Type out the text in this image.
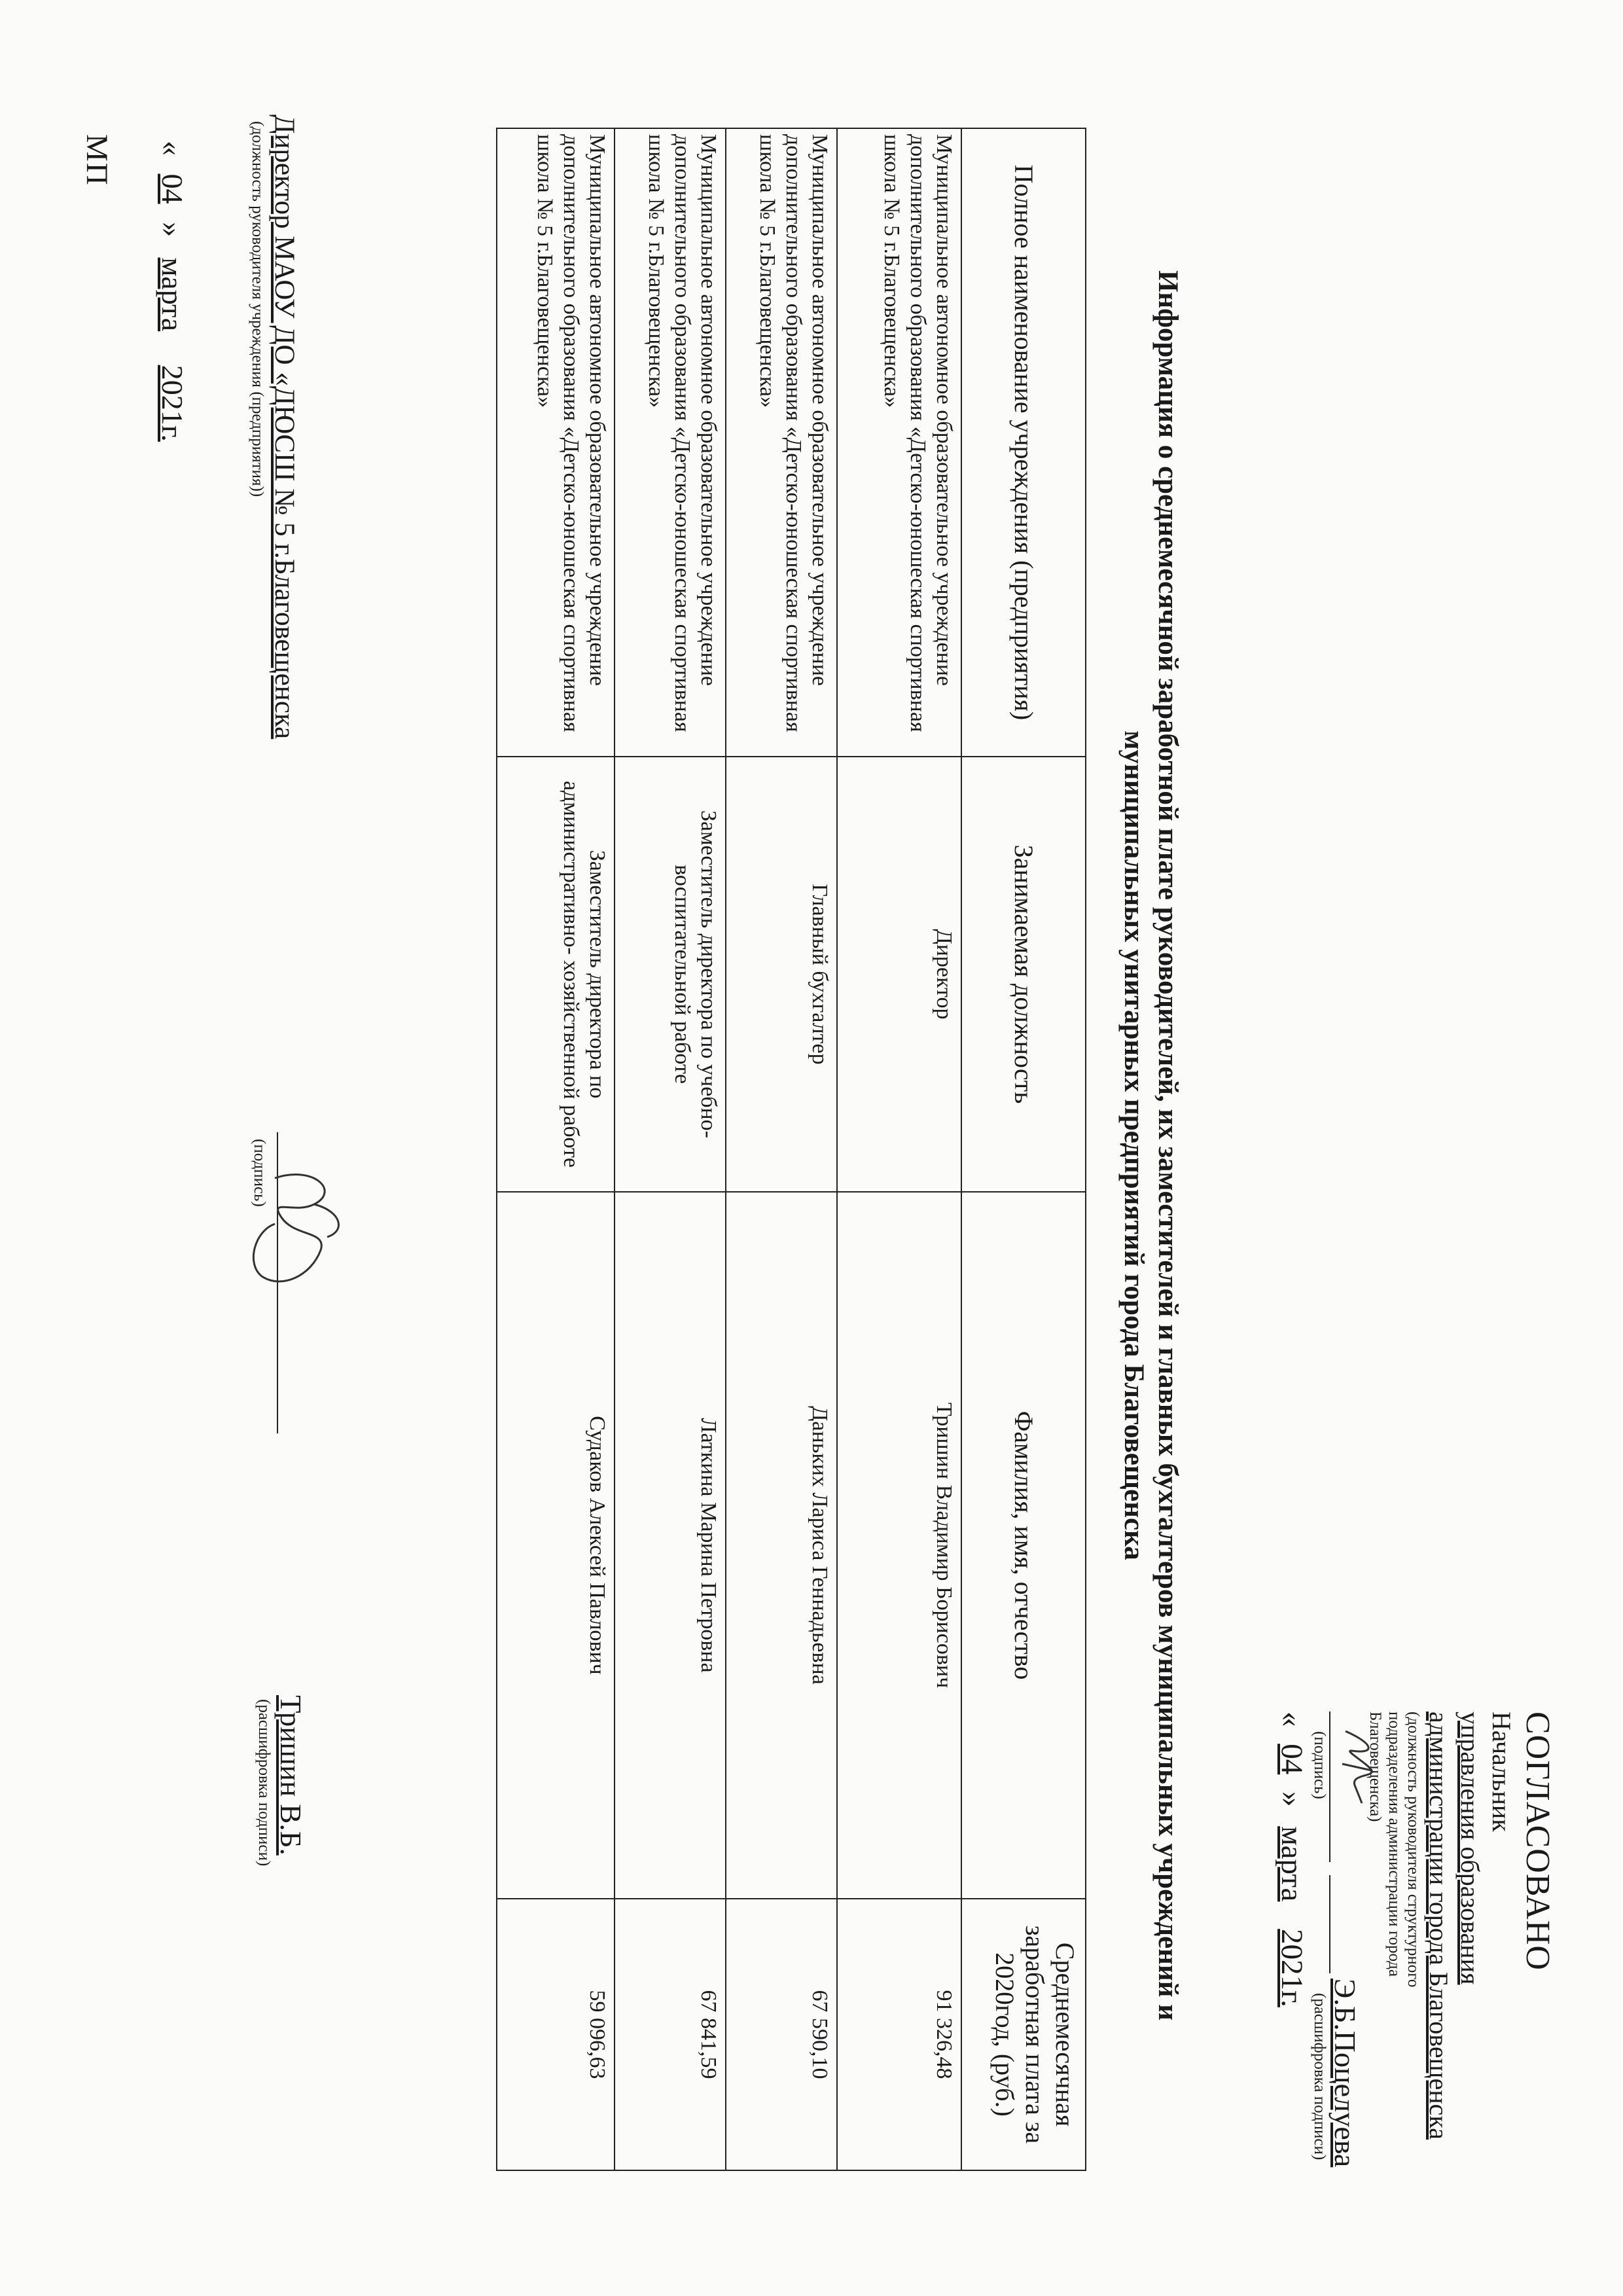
СОГЛАСОВАНО
Начальник
управления образования
администрации города Благовещенска
(должность руководителя структурного подразделения администрации города Благовещенска)
Э.Б.Поцелуева
(подпись)
(расшифровка подписи)
« 04 » марта 2021г.
Информация о среднемесячной заработной плате руководителей, их заместителей и главных бухгалтеров муниципальных учреждений и
муниципальных унитарных предприятий города Благовещенска
Полное наименование учреждения (предприятия)	Занимаемая должность	Фамилия, имя, отчество	Среднемесячная заработная плата за 2020год, (руб.)
Муниципальное автономное образовательное учреждение дополнительного образования «Детско-юношеская спортивная школа № 5 г.Благовещенска»	Директор	Тришин Владимир Борисович	91 326,48
Муниципальное автономное образовательное учреждение дополнительного образования «Детско-юношеская спортивная школа № 5 г.Благовещенска»	Главный бухгалтер	Даньких Лариса Геннадьевна	67 590,10
Муниципальное автономное образовательное учреждение дополнительного образования «Детско-юношеская спортивная школа № 5 г.Благовещенска»	Заместитель директора по учебно-воспитательной работе	Латкина Марина Петровна	67 841,59
Муниципальное автономное образовательное учреждение дополнительного образования «Детско-юношеская спортивная школа № 5 г.Благовещенска»	Заместитель директора по административно- хозяйственной работе	Судаков Алексей Павлович	59 096,63
Директор МАОУ ДО «ДЮСШ № 5 г.Благовещенска
(должность руководителя учреждения (предприятия))
(подпись)
Тришин В.Б.
(расшифровка подписи)
« 04 » марта 2021г.
МП
